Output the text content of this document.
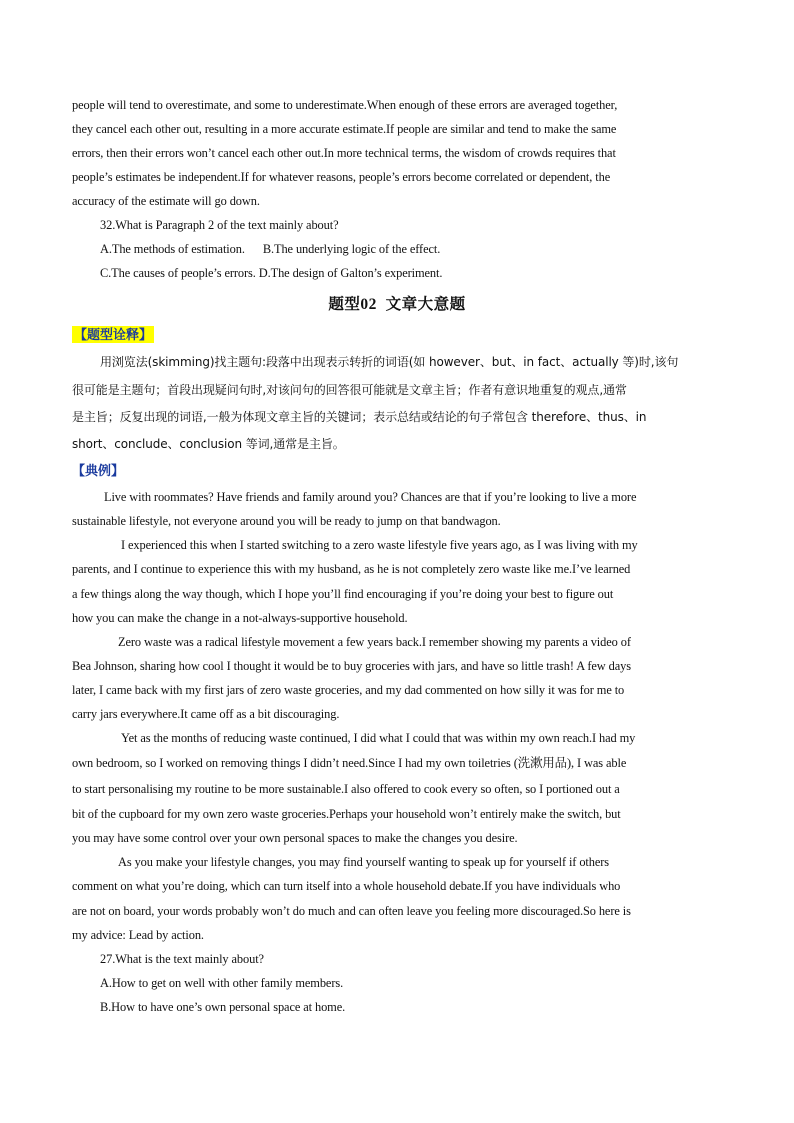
people will tend to overestimate, and some to underestimate.When enough of these errors are averaged together,
they cancel each other out, resulting in a more accurate estimate.If people are similar and tend to make the same
errors, then their errors won’t cancel each other out.In more technical terms, the wisdom of crowds requires that
people’s estimates be independent.If for whatever reasons, people’s errors become correlated or dependent, the
accuracy of the estimate will go down.
32.What is Paragraph 2 of the text mainly about?
A.The methods of estimation.      B.The underlying logic of the effect.
C.The causes of people’s errors. D.The design of Galton’s experiment.
题型02  文章大意题
【题型诠释】
用浏览法(skimming)找主题句:段落中出现表示转折的词语(如 however、but、in fact、actually 等)时,该句
很可能是主题句；首段出现疑问句时,对该问句的回答很可能就是文章主旨；作者有意识地重复的观点,通常
是主旨；反复出现的词语,一般为体现文章主旨的关键词；表示总结或结论的句子常包含 therefore、thus、in
short、conclude、conclusion 等词,通常是主旨。
【典例】
Live with roommates? Have friends and family around you? Chances are that if you’re looking to live a more
sustainable lifestyle, not everyone around you will be ready to jump on that bandwagon.
I experienced this when I started switching to a zero waste lifestyle five years ago, as I was living with my
parents, and I continue to experience this with my husband, as he is not completely zero waste like me.I’ve learned
a few things along the way though, which I hope you’ll find encouraging if you’re doing your best to figure out
how you can make the change in a not-always-supportive household.
Zero waste was a radical lifestyle movement a few years back.I remember showing my parents a video of
Bea Johnson, sharing how cool I thought it would be to buy groceries with jars, and have so little trash! A few days
later, I came back with my first jars of zero waste groceries, and my dad commented on how silly it was for me to
carry jars everywhere.It came off as a bit discouraging.
Yet as the months of reducing waste continued, I did what I could that was within my own reach.I had my
own bedroom, so I worked on removing things I didn’t need.Since I had my own toiletries (洗漱用品), I was able
to start personalising my routine to be more sustainable.I also offered to cook every so often, so I portioned out a
bit of the cupboard for my own zero waste groceries.Perhaps your household won’t entirely make the switch, but
you may have some control over your own personal spaces to make the changes you desire.
As you make your lifestyle changes, you may find yourself wanting to speak up for yourself if others
comment on what you’re doing, which can turn itself into a whole household debate.If you have individuals who
are not on board, your words probably won’t do much and can often leave you feeling more discouraged.So here is
my advice: Lead by action.
27.What is the text mainly about?
A.How to get on well with other family members.
B.How to have one’s own personal space at home.
